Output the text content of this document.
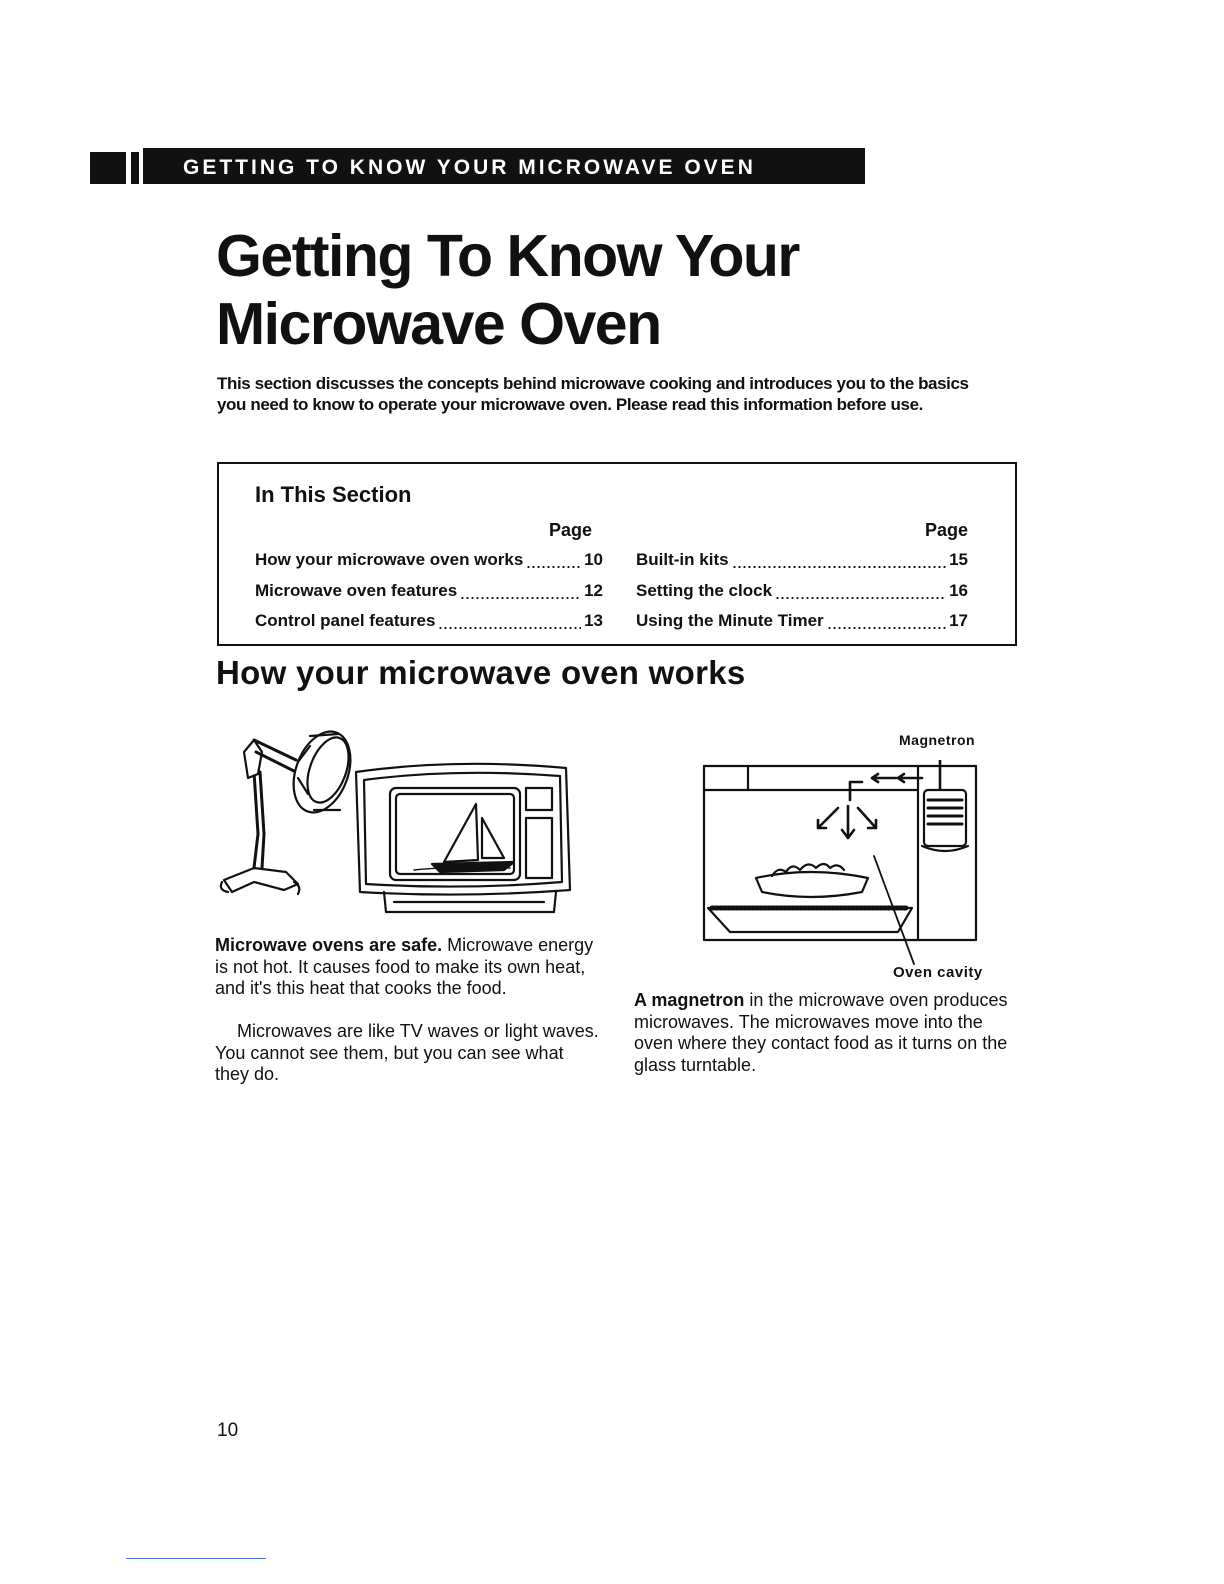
GETTING TO KNOW YOUR MICROWAVE OVEN
Getting To Know Your
Microwave Oven

This section discusses the concepts behind microwave cooking and introduces you to the basics you need to know to operate your microwave oven. Please read this information before use.

In This Section
Page	Page
How your microwave oven works	10
Microwave oven features	12
Control panel features	13
Built-in kits	15
Setting the clock	16
Using the Minute Timer	17
How your microwave oven works
Magnetron
Oven cavity

Microwave ovens are safe. Microwave energy is not hot. It causes food to make its own heat, and it's this heat that cooks the food.

Microwaves are like TV waves or light waves. You cannot see them, but you can see what they do.

A magnetron in the microwave oven produces microwaves. The microwaves move into the oven where they contact food as it turns on the glass turntable.

10
